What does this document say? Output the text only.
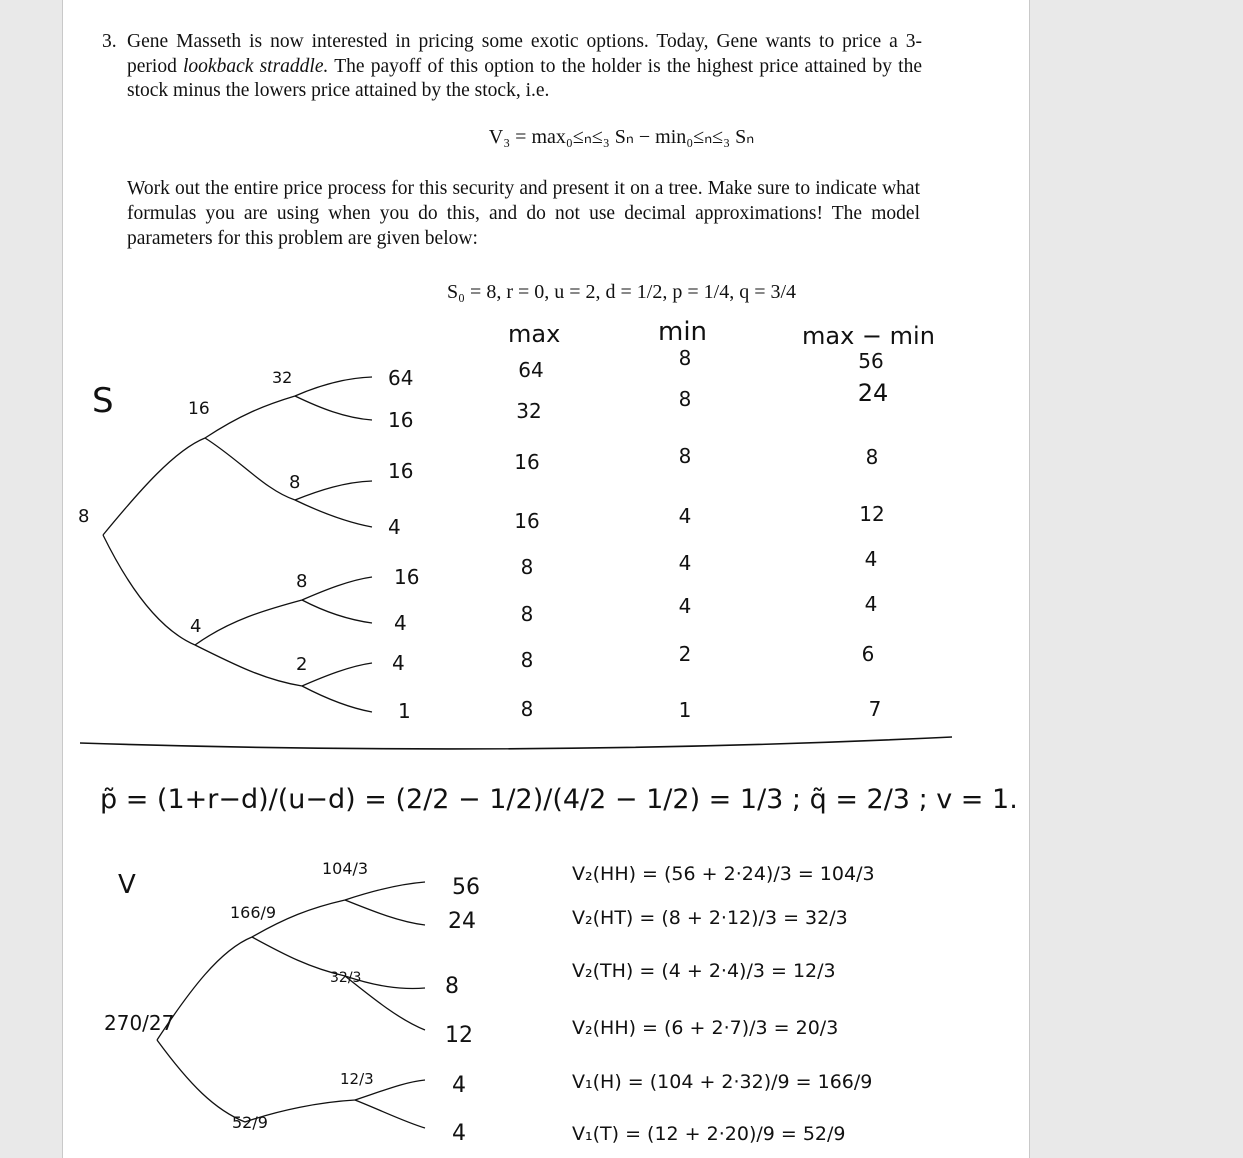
3. Gene Masseth is now interested in pricing some exotic options. Today, Gene wants to price a 3-period lookback straddle. The payoff of this option to the holder is the highest price attained by the stock minus the lowers price attained by the stock, i.e.
V₃ = max₀≤ₙ≤₃ Sₙ − min₀≤ₙ≤₃ Sₙ
Work out the entire price process for this security and present it on a tree. Make sure to indicate what formulas you are using when you do this, and do not use decimal approximations! The model parameters for this problem are given below:
S₀ = 8, r = 0, u = 2, d = 1/2, p = 1/4, q = 3/4
S
8
16
4
32
8
8
2
64
16
16
4
16
4
4
1
max	min	max − min
64
32
16
16
8
8
8
8
8
8
8
4
4
4
2
1
56
24
8
12
4
4
6
7
p̃ = (1+r−d)/(u−d) = (2/2 − 1/2)/(4/2 − 1/2) = 1/3 ; q̃ = 2/3 ; v = 1.
V
270/27
166/9
52/9
104/3
32/3
12/3
56
24
8
12
4
4
V₂(HH) = (56 + 2·24)/3 = 104/3
V₂(HT) = (8 + 2·12)/3 = 32/3
V₂(TH) = (4 + 2·4)/3 = 12/3
V₂(HH) = (6 + 2·7)/3 = 20/3
V₁(H) = (104 + 2·32)/9 = 166/9
V₁(T) = (12 + 2·20)/9 = 52/9
